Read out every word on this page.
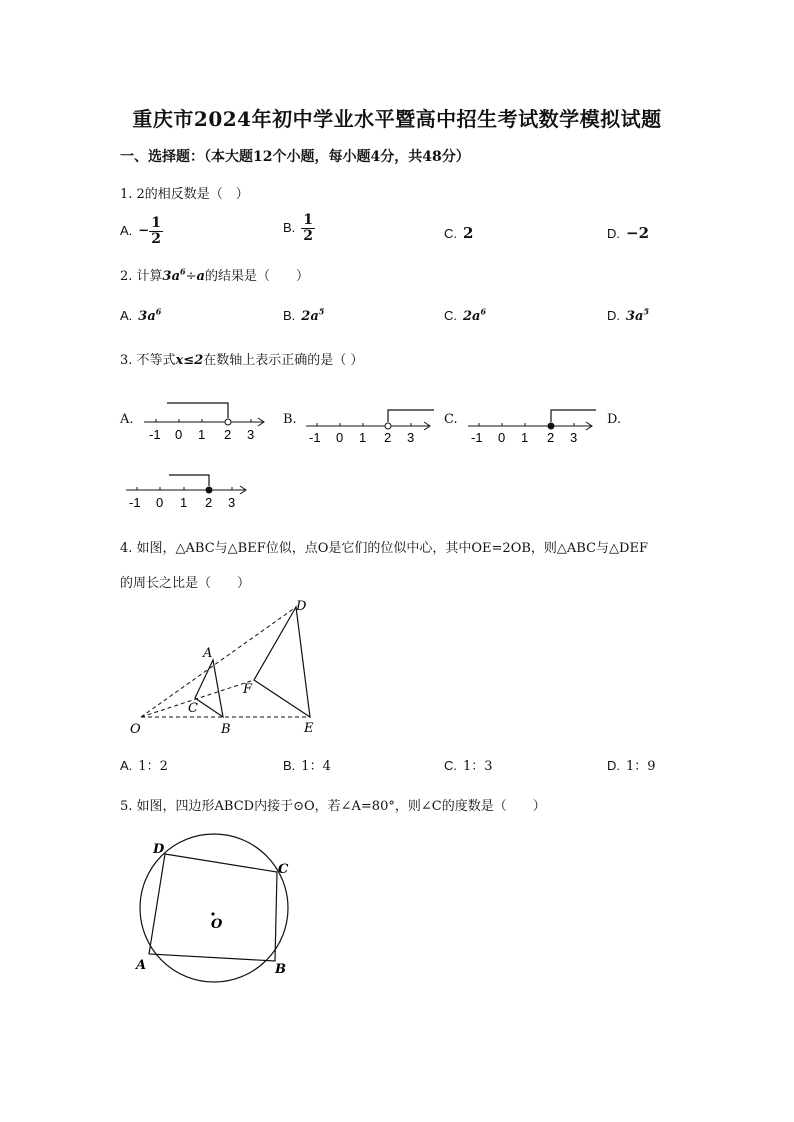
重庆市2024年初中学业水平暨高中招生考试数学模拟试题
一、选择题：（本大题12个小题，每小题4分，共48分）
1. 2的相反数是（　）
A. − $\frac{1}{2}$	B. $\frac{1}{2}$	C. 2	D. −2
2. 计算$3a^6\div a$的结果是（　　）
A. $3a^6$	B. $2a^5$	C. $2a^6$	D. $3a^5$
3. 不等式x≤2在数轴上表示正确的是（ ）
A.	B.	C.	D.
-1 0 1 2 3	-1 0 1 2 3	-1 0 1 2 3
-1 0 1 2 3
4. 如图，△ABC与△BEF位似，点O是它们的位似中心，其中OE=2OB，则△ABC与△DEF
的周长之比是（　　）
O
A
B
C
D
E
F
A. 1：2	B. 1：4	C. 1：3	D. 1：9
5. 如图，四边形ABCD内接于⊙O，若∠A=80°，则∠C的度数是（　　）
D
C
O
A	B
